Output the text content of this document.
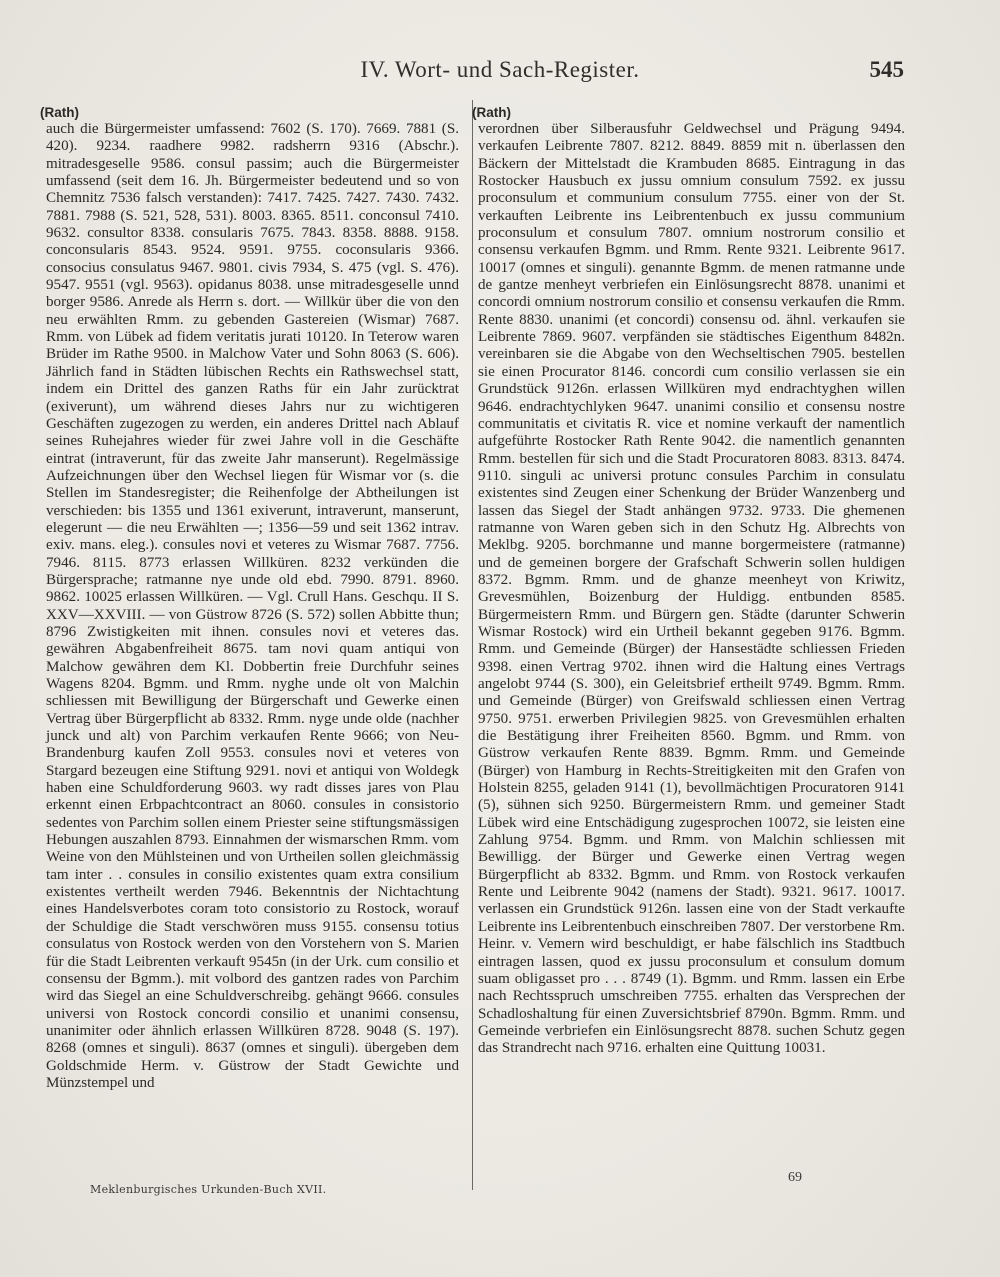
IV. Wort- und Sach-Register.	545
(Rath)

auch die Bürgermeister umfassend: 7602 (S. 170). 7669. 7881 (S. 420). 9234. raadhere 9982. radsherrn 9316 (Abschr.). mitradesgeselle 9586. consul passim; auch die Bürgermeister umfassend (seit dem 16. Jh. Bürgermeister bedeutend und so von Chemnitz 7536 falsch verstanden): 7417. 7425. 7427. 7430. 7432. 7881. 7988 (S. 521, 528, 531). 8003. 8365. 8511. conconsul 7410. 9632. consultor 8338. consularis 7675. 7843. 8358. 8888. 9158. conconsularis 8543. 9524. 9591. 9755. coconsularis 9366. consocius consulatus 9467. 9801. civis 7934, S. 475 (vgl. S. 476). 9547. 9551 (vgl. 9563). opidanus 8038. unse mitradesgeselle unnd borger 9586. Anrede als Herrn s. dort. — Willkür über die von den neu erwählten Rmm. zu gebenden Gastereien (Wismar) 7687. Rmm. von Lübek ad fidem veritatis jurati 10120. In Teterow waren Brüder im Rathe 9500. in Malchow Vater und Sohn 8063 (S. 606). Jährlich fand in Städten lübischen Rechts ein Rathswechsel statt, indem ein Drittel des ganzen Raths für ein Jahr zurücktrat (exiverunt), um während dieses Jahrs nur zu wichtigeren Geschäften zugezogen zu werden, ein anderes Drittel nach Ablauf seines Ruhejahres wieder für zwei Jahre voll in die Geschäfte eintrat (intraverunt, für das zweite Jahr manserunt). Regelmässige Aufzeichnungen über den Wechsel liegen für Wismar vor (s. die Stellen im Standesregister; die Reihenfolge der Abtheilungen ist verschieden: bis 1355 und 1361 exiverunt, intraverunt, manserunt, elegerunt — die neu Erwählten —; 1356—59 und seit 1362 intrav. exiv. mans. eleg.). consules novi et veteres zu Wismar 7687. 7756. 7946. 8115. 8773 erlassen Willküren. 8232 verkünden die Bürgersprache; ratmanne nye unde old ebd. 7990. 8791. 8960. 9862. 10025 erlassen Willküren. — Vgl. Crull Hans. Geschqu. II S. XXV—XXVIII. — von Güstrow 8726 (S. 572) sollen Abbitte thun; 8796 Zwistigkeiten mit ihnen. consules novi et veteres das. gewähren Abgabenfreiheit 8675. tam novi quam antiqui von Malchow gewähren dem Kl. Dobbertin freie Durchfuhr seines Wagens 8204. Bgmm. und Rmm. nyghe unde olt von Malchin schliessen mit Bewilligung der Bürgerschaft und Gewerke einen Vertrag über Bürgerpflicht ab 8332. Rmm. nyge unde olde (nachher junck und alt) von Parchim verkaufen Rente 9666; von Neu-Brandenburg kaufen Zoll 9553. consules novi et veteres von Stargard bezeugen eine Stiftung 9291. novi et antiqui von Woldegk haben eine Schuldforderung 9603. wy radt disses jares von Plau erkennt einen Erbpachtcontract an 8060. consules in consistorio sedentes von Parchim sollen einem Priester seine stiftungsmässigen Hebungen auszahlen 8793. Einnahmen der wismarschen Rmm. vom Weine von den Mühlsteinen und von Urtheilen sollen gleichmässig tam inter . . consules in consilio existentes quam extra consilium existentes vertheilt werden 7946. Bekenntnis der Nichtachtung eines Handelsverbotes coram toto consistorio zu Rostock, worauf der Schuldige die Stadt verschwören muss 9155. consensu totius consulatus von Rostock werden von den Vorstehern von S. Marien für die Stadt Leibrenten verkauft 9545n (in der Urk. cum consilio et consensu der Bgmm.). mit volbord des gantzen rades von Parchim wird das Siegel an eine Schuldverschreibg. gehängt 9666. consules universi von Rostock concordi consilio et unanimi consensu, unanimiter oder ähnlich erlassen Willküren 8728. 9048 (S. 197). 8268 (omnes et singuli). 8637 (omnes et singuli). übergeben dem Goldschmide Herm. v. Güstrow der Stadt Gewichte und Münzstempel und

(Rath)

verordnen über Silberausfuhr Geldwechsel und Prägung 9494. verkaufen Leibrente 7807. 8212. 8849. 8859 mit n. überlassen den Bäckern der Mittelstadt die Krambuden 8685. Eintragung in das Rostocker Hausbuch ex jussu omnium consulum 7592. ex jussu proconsulum et communium consulum 7755. einer von der St. verkauften Leibrente ins Leibrentenbuch ex jussu communium proconsulum et consulum 7807. omnium nostrorum consilio et consensu verkaufen Bgmm. und Rmm. Rente 9321. Leibrente 9617. 10017 (omnes et singuli). genannte Bgmm. de menen ratmanne unde de gantze menheyt verbriefen ein Einlösungsrecht 8878. unanimi et concordi omnium nostrorum consilio et consensu verkaufen die Rmm. Rente 8830. unanimi (et concordi) consensu od. ähnl. verkaufen sie Leibrente 7869. 9607. verpfänden sie städtisches Eigenthum 8482n. vereinbaren sie die Abgabe von den Wechseltischen 7905. bestellen sie einen Procurator 8146. concordi cum consilio verlassen sie ein Grundstück 9126n. erlassen Willküren myd endrachtyghen willen 9646. endrachtychlyken 9647. unanimi consilio et consensu nostre communitatis et civitatis R. vice et nomine verkauft der namentlich aufgeführte Rostocker Rath Rente 9042. die namentlich genannten Rmm. bestellen für sich und die Stadt Procuratoren 8083. 8313. 8474. 9110. singuli ac universi protunc consules Parchim in consulatu existentes sind Zeugen einer Schenkung der Brüder Wanzenberg und lassen das Siegel der Stadt anhängen 9732. 9733. Die ghemenen ratmanne von Waren geben sich in den Schutz Hg. Albrechts von Meklbg. 9205. borchmanne und manne borgermeistere (ratmanne) und de gemeinen borgere der Grafschaft Schwerin sollen huldigen 8372. Bgmm. Rmm. und de ghanze meenheyt von Kriwitz, Grevesmühlen, Boizenburg der Huldigg. entbunden 8585. Bürgermeistern Rmm. und Bürgern gen. Städte (darunter Schwerin Wismar Rostock) wird ein Urtheil bekannt gegeben 9176. Bgmm. Rmm. und Gemeinde (Bürger) der Hansestädte schliessen Frieden 9398. einen Vertrag 9702. ihnen wird die Haltung eines Vertrags angelobt 9744 (S. 300), ein Geleitsbrief ertheilt 9749. Bgmm. Rmm. und Gemeinde (Bürger) von Greifswald schliessen einen Vertrag 9750. 9751. erwerben Privilegien 9825. von Grevesmühlen erhalten die Bestätigung ihrer Freiheiten 8560. Bgmm. und Rmm. von Güstrow verkaufen Rente 8839. Bgmm. Rmm. und Gemeinde (Bürger) von Hamburg in Rechts-Streitigkeiten mit den Grafen von Holstein 8255, geladen 9141 (1), bevollmächtigen Procuratoren 9141 (5), sühnen sich 9250. Bürgermeistern Rmm. und gemeiner Stadt Lübek wird eine Entschädigung zugesprochen 10072, sie leisten eine Zahlung 9754. Bgmm. und Rmm. von Malchin schliessen mit Bewilligg. der Bürger und Gewerke einen Vertrag wegen Bürgerpflicht ab 8332. Bgmm. und Rmm. von Rostock verkaufen Rente und Leibrente 9042 (namens der Stadt). 9321. 9617. 10017. verlassen ein Grundstück 9126n. lassen eine von der Stadt verkaufte Leibrente ins Leibrentenbuch einschreiben 7807. Der verstorbene Rm. Heinr. v. Vemern wird beschuldigt, er habe fälschlich ins Stadtbuch eintragen lassen, quod ex jussu proconsulum et consulum domum suam obligasset pro . . . 8749 (1). Bgmm. und Rmm. lassen ein Erbe nach Rechtsspruch umschreiben 7755. erhalten das Versprechen der Schadloshaltung für einen Zuversichtsbrief 8790n. Bgmm. Rmm. und Gemeinde verbriefen ein Einlösungsrecht 8878. suchen Schutz gegen das Strandrecht nach 9716. erhalten eine Quittung 10031.

Meklenburgisches Urkunden-Buch XVII.
69
